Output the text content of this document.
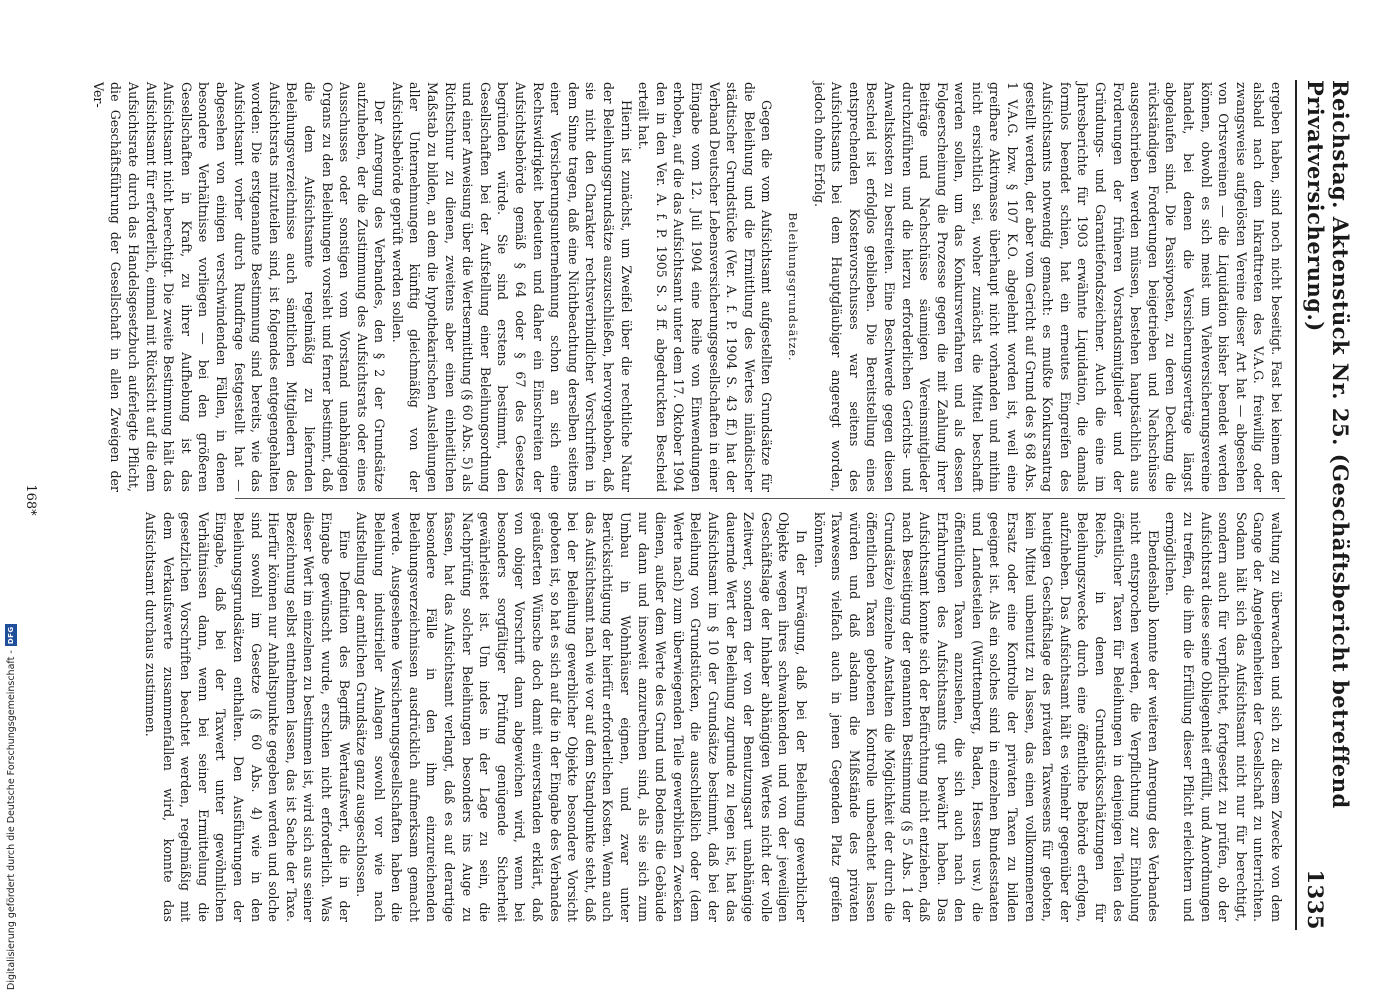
Reichstag. Aktenstück Nr. 25. (Geschäftsbericht betreffend Privatversicherung.)
1335

ergeben haben, sind noch nicht beseitigt. Fast bei keinem der alsbald nach dem Inkrafttreten des V.A.G. freiwillig oder zwangsweise aufgelösten Vereine dieser Art hat — abgesehen von Ortsvereinen — die Liquidation bisher beendet werden können, obwohl es sich meist um Viehversicherungsvereine handelt, bei denen die Versicherungsverträge längst abgelaufen sind. Die Passivposten, zu deren Deckung die rückständigen Forderungen beigetrieben und Nachschüsse ausgeschrieben werden müssen, bestehen hauptsächlich aus Forderungen der früheren Vorstandsmitglieder und der Gründungs- und Garantiefondszeichner. Auch die eine im Jahresberichte für 1903 erwähnte Liquidation, die damals formlos beendet schien, hat ein erneutes Eingreifen des Aufsichtsamts notwendig gemacht: es mußte Konkursantrag gestellt werden, der aber vom Gericht auf Grund des § 68 Abs. 1 V.A.G. bzw. § 107 K.O. abgelehnt worden ist, weil eine greifbare Aktivmasse überhaupt nicht vorhanden und mithin nicht ersichtlich sei, woher zunächst die Mittel beschafft werden sollen, um das Konkursverfahren und als dessen Folgeerscheinung die Prozesse gegen die mit Zahlung ihrer Beiträge und Nachschüsse säumigen Vereinsmitglieder durchzuführen und die hierzu erforderlichen Gerichts- und Anwaltskosten zu bestreiten. Eine Beschwerde gegen diesen Bescheid ist erfolglos geblieben. Die Bereitstellung eines entsprechenden Kostenvorschusses war seitens des Aufsichtsamts bei dem Hauptgläubiger angeregt worden, jedoch ohne Erfolg.

Beleihungsgrundsätze.

Gegen die vom Aufsichtsamt aufgestellten Grundsätze für die Beleihung und die Ermittlung des Wertes inländischer städtischer Grundstücke (Ver. A. f. P. 1904 S. 43 ff.) hat der Verband Deutscher Lebensversicherungsgesellschaften in einer Eingabe vom 12. Juli 1904 eine Reihe von Einwendungen erhoben, auf die das Aufsichtsamt unter dem 17. Oktober 1904 den in den Ver. A. f. P. 1905 S. 3 ff. abgedruckten Bescheid erteilt hat.

Hierin ist zunächst, um Zweifel über die rechtliche Natur der Beleihungsgrundsätze auszuschließen, hervorgehoben, daß sie nicht den Charakter rechtsverbindlicher Vorschriften in dem Sinne tragen, daß eine Nichtbeachtung derselben seitens einer Versicherungsunternehmung schon an sich eine Rechtswidrigkeit bedeuten und daher ein Einschreiten der Aufsichtsbehörde gemäß § 64 oder § 67 des Gesetzes begründen würde. Sie sind erstens bestimmt, den Gesellschaften bei der Aufstellung einer Beleihungsordnung und einer Anweisung über die Wertsermittlung (§ 60 Abs. 5) als Richtschnur zu dienen, zweitens aber einen einheitlichen Maßstab zu bilden, an dem die hypothekarischen Ausleihungen aller Unternehmungen künftig gleichmäßig von der Aufsichtsbehörde geprüft werden sollen.

Der Anregung des Verbandes, den § 2 der Grundsätze aufzuheben, der die Zustimmung des Aufsichtsrats oder eines Ausschusses oder sonstigen vom Vorstand unabhängigen Organs zu den Beleihungen vorsieht und ferner bestimmt, daß die dem Aufsichtsamte regelmäßig zu liefernden Beleihungsverzeichnisse auch sämtlichen Mitgliedern des Aufsichtsrats mitzuteilen sind, ist folgendes entgegengehalten worden: Die erstgenannte Bestimmung sind bereits, wie das Aufsichtsamt vorher durch Rundfrage festgestellt hat — abgesehen von einigen verschwindenden Fällen, in denen besondere Verhältnisse vorliegen — bei den größeren Gesellschaften in Kraft, zu ihrer Aufhebung ist das Aufsichtsamt nicht berechtigt. Die zweite Bestimmung hält das Aufsichtsamt für erforderlich, einmal mit Rücksicht auf die dem Aufsichtsrate durch das Handelsgesetzbuch auferlegte Pflicht, die Geschäftsführung der Gesellschaft in allen Zweigen der Ver-

waltung zu überwachen und sich zu diesem Zwecke von dem Gange der Angelegenheiten der Gesellschaft zu unterrichten. Sodann hält sich das Aufsichtsamt nicht nur für berechtigt, sondern auch für verpflichtet, fortgesetzt zu prüfen, ob der Aufsichtsrat diese seine Obliegenheit erfüllt, und Anordnungen zu treffen, die ihm die Erfüllung dieser Pflicht erleichtern und ermöglichen.

Ebendeshalb konnte der weiteren Anregung des Verbandes nicht entsprochen werden, die Verpflichtung zur Einholung öffentlicher Taxen für Beleihungen in denjenigen Teilen des Reichs, in denen Grundstücksschätzungen für Beleihungszwecke durch eine öffentliche Behörde erfolgen, aufzuheben. Das Aufsichtsamt hält es vielmehr gegenüber der heutigen Geschäftslage des privaten Taxwesens für geboten, kein Mittel unbenutzt zu lassen, das einen vollkommeneren Ersatz oder eine Kontrolle der privaten Taxen zu bilden geeignet ist. Als ein solches sind in einzelnen Bundesstaaten und Landesteilen (Württemberg, Baden, Hessen usw.) die öffentlichen Taxen anzusehen, die sich auch nach den Erfahrungen des Aufsichtsamts gut bewährt haben. Das Aufsichtsamt konnte sich der Befürchtung nicht entziehen, daß nach Beseitigung der genannten Bestimmung (§ 5 Abs. 1 der Grundsätze) einzelne Anstalten die Möglichkeit der durch die öffentlichen Taxen gebotenen Kontrolle unbeachtet lassen würden und daß alsdann die Mißstände des privaten Taxwesens vielfach auch in jenen Gegenden Platz greifen könnten.

In der Erwägung, daß bei der Beleihung gewerblicher Objekte wegen ihres schwankenden und von der jeweiligen Geschäftslage der Inhaber abhängigen Wertes nicht der volle Zeitwert, sondern der von der Benutzungsart unabhängige dauernde Wert der Beleihung zugrunde zu legen ist, hat das Aufsichtsamt im § 10 der Grundsätze bestimmt, daß bei der Beleihung von Grundstücken, die ausschließlich oder (dem Werte nach) zum überwiegenden Teile gewerblichen Zwecken dienen, außer dem Werte des Grund und Bodens die Gebäude nur dann und insoweit anzurechnen sind, als sie sich zum Umbau in Wohnhäuser eignen, und zwar unter Berücksichtigung der hierfür erforderlichen Kosten. Wenn auch das Aufsichtsamt nach wie vor auf dem Standpunkte steht, daß bei der Beleihung gewerblicher Objekte besondere Vorsicht geboten ist, so hat es sich auf die in der Eingabe des Verbandes geäußerten Wünsche doch damit einverstanden erklärt, daß von obiger Vorschrift dann abgewichen wird, wenn bei besonders sorgfältiger Prüfung genügende Sicherheit gewährleistet ist. Um indes in der Lage zu sein, die Nachprüfung solcher Beleihungen besonders ins Auge zu fassen, hat das Aufsichtsamt verlangt, daß es auf derartige besondere Fälle in den ihm einzureichenden Beleihungsverzeichnissen ausdrücklich aufmerksam gemacht werde. Ausgesehene Versicherungsgesellschaften haben die Beleihung industrieller Anlagen sowohl vor wie nach Aufstellung der amtlichen Grundsätze ganz ausgeschlossen.

Eine Definition des Begriffs Wertaufswert, die in der Eingabe gewünscht wurde, erschien nicht erforderlich. Was dieser Wert im einzelnen zu bestimmen ist, wird sich aus seiner Bezeichnung selbst entnehmen lassen, das ist Sache der Taxe. Hierfür können nur Anhaltspunkte gegeben werden und solche sind sowohl im Gesetze (§ 60 Abs. 4) wie in den Beleihungsgrundsätzen enthalten. Den Ausführungen der Eingabe, daß bei der Taxwert unter gewöhnlichen Verhältnissen dann, wenn bei seiner Ermittelung die gesetzlichen Vorschriften beachtet werden, regelmäßig mit dem Verkaufswerte zusammenfallen wird, konnte das Aufsichtsamt durchaus zustimmen.

168*
Digitalisierung gefördert durch die Deutsche Forschungsgemeinschaft -
DFG
